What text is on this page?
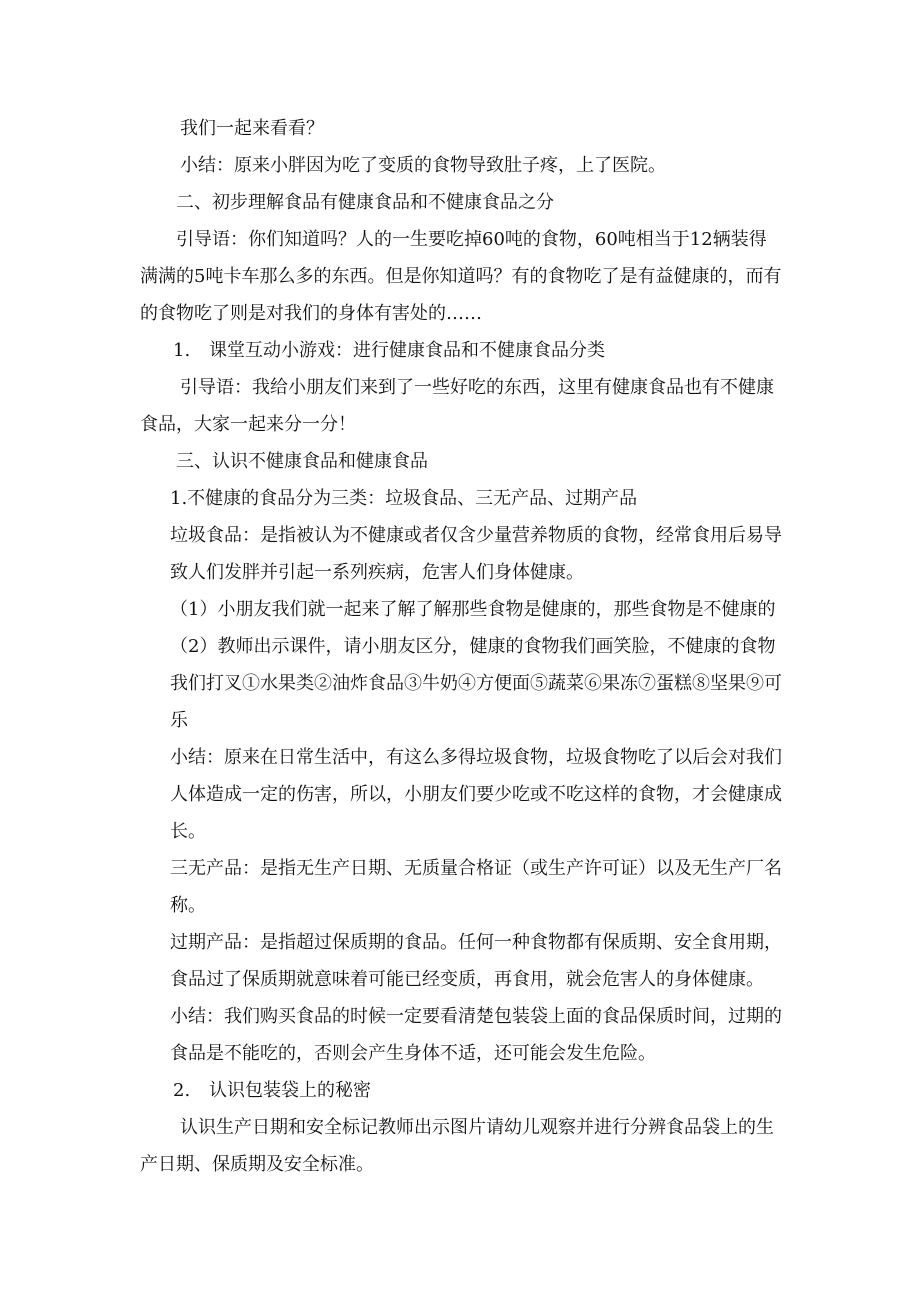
我们一起来看看？

小结：原来小胖因为吃了变质的食物导致肚子疼，上了医院。

二、初步理解食品有健康食品和不健康食品之分

引导语：你们知道吗？人的一生要吃掉60吨的食物，60吨相当于12辆装得满满的5吨卡车那么多的东西。但是你知道吗？有的食物吃了是有益健康的，而有的食物吃了则是对我们的身体有害处的……

1. 课堂互动小游戏：进行健康食品和不健康食品分类

引导语：我给小朋友们来到了一些好吃的东西，这里有健康食品也有不健康食品，大家一起来分一分！

三、认识不健康食品和健康食品

1.不健康的食品分为三类：垃圾食品、三无产品、过期产品

垃圾食品：是指被认为不健康或者仅含少量营养物质的食物，经常食用后易导致人们发胖并引起一系列疾病，危害人们身体健康。

（1）小朋友我们就一起来了解了解那些食物是健康的，那些食物是不健康的（2）教师出示课件，请小朋友区分，健康的食物我们画笑脸，不健康的食物我们打叉①水果类②油炸食品③牛奶④方便面⑤蔬菜⑥果冻⑦蛋糕⑧坚果⑨可乐

小结：原来在日常生活中，有这么多得垃圾食物，垃圾食物吃了以后会对我们人体造成一定的伤害，所以，小朋友们要少吃或不吃这样的食物，才会健康成长。

三无产品：是指无生产日期、无质量合格证（或生产许可证）以及无生产厂名称。

过期产品：是指超过保质期的食品。任何一种食物都有保质期、安全食用期，食品过了保质期就意味着可能已经变质，再食用，就会危害人的身体健康。

小结：我们购买食品的时候一定要看清楚包装袋上面的食品保质时间，过期的食品是不能吃的，否则会产生身体不适，还可能会发生危险。

2. 认识包装袋上的秘密

认识生产日期和安全标记教师出示图片请幼儿观察并进行分辨食品袋上的生产日期、保质期及安全标准。
